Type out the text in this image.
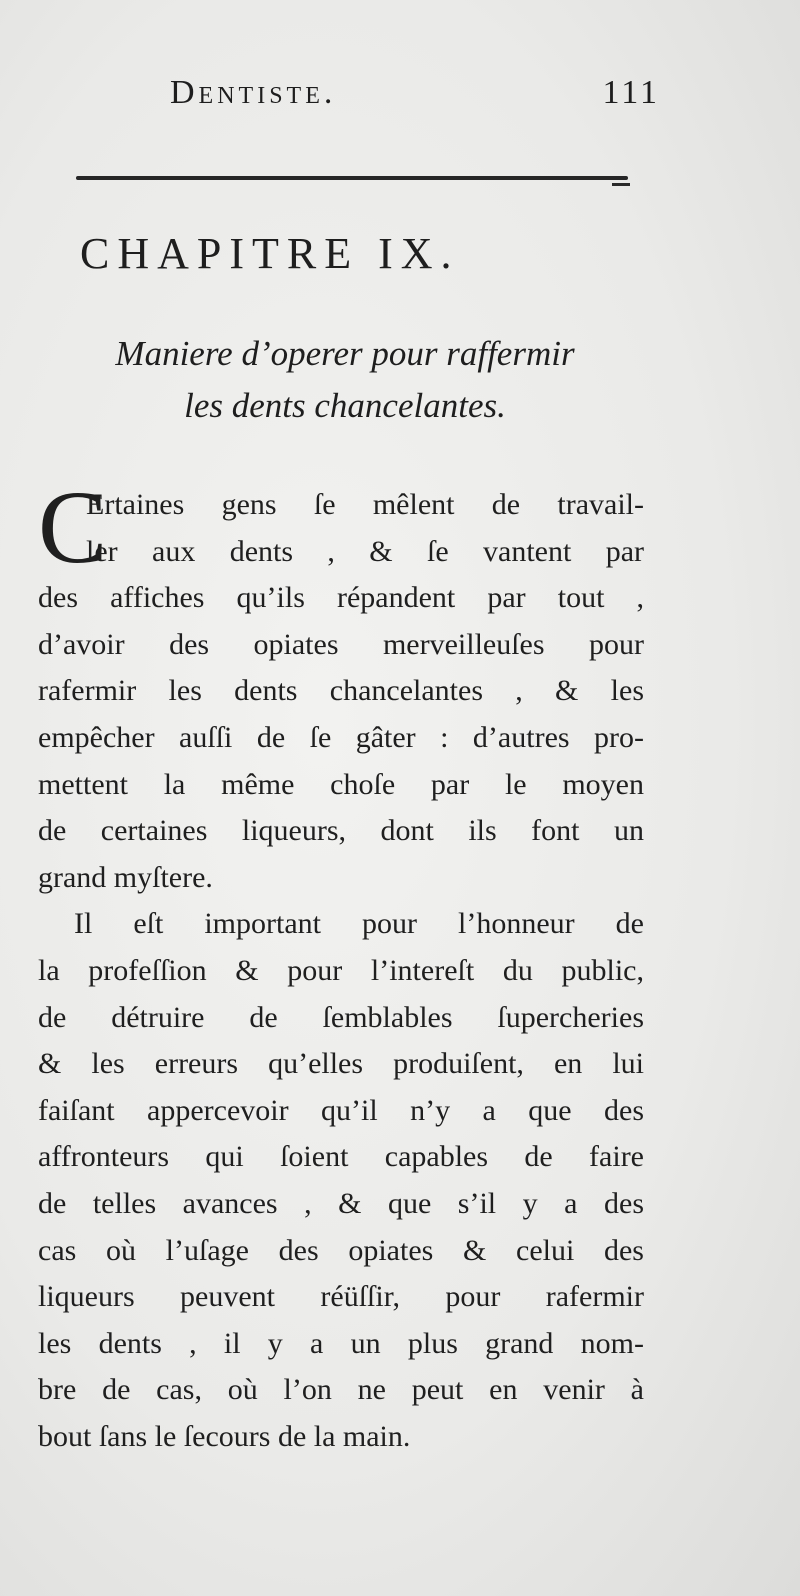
Dentiste.	111
CHAPITRE IX.
Maniere d’operer pour raffermir
les dents chancelantes.
C
Ertaines gens ſe mêlent de travail-
ler aux dents , & ſe vantent par
des affiches qu’ils répandent par tout ,
d’avoir des opiates merveilleuſes pour
rafermir les dents chancelantes , & les
empêcher auſſi de ſe gâter : d’autres pro-
mettent la même choſe par le moyen
de certaines liqueurs, dont ils font un
grand myſtere.
Il eſt important pour l’honneur de
la profeſſion & pour l’intereſt du public,
de détruire de ſemblables ſupercheries
& les erreurs qu’elles produiſent, en lui
faiſant appercevoir qu’il n’y a que des
affronteurs qui ſoient capables de faire
de telles avances , & que s’il y a des
cas où l’uſage des opiates & celui des
liqueurs peuvent réüſſir, pour rafermir
les dents , il y a un plus grand nom-
bre de cas, où l’on ne peut en venir à
bout ſans le ſecours de la main.
